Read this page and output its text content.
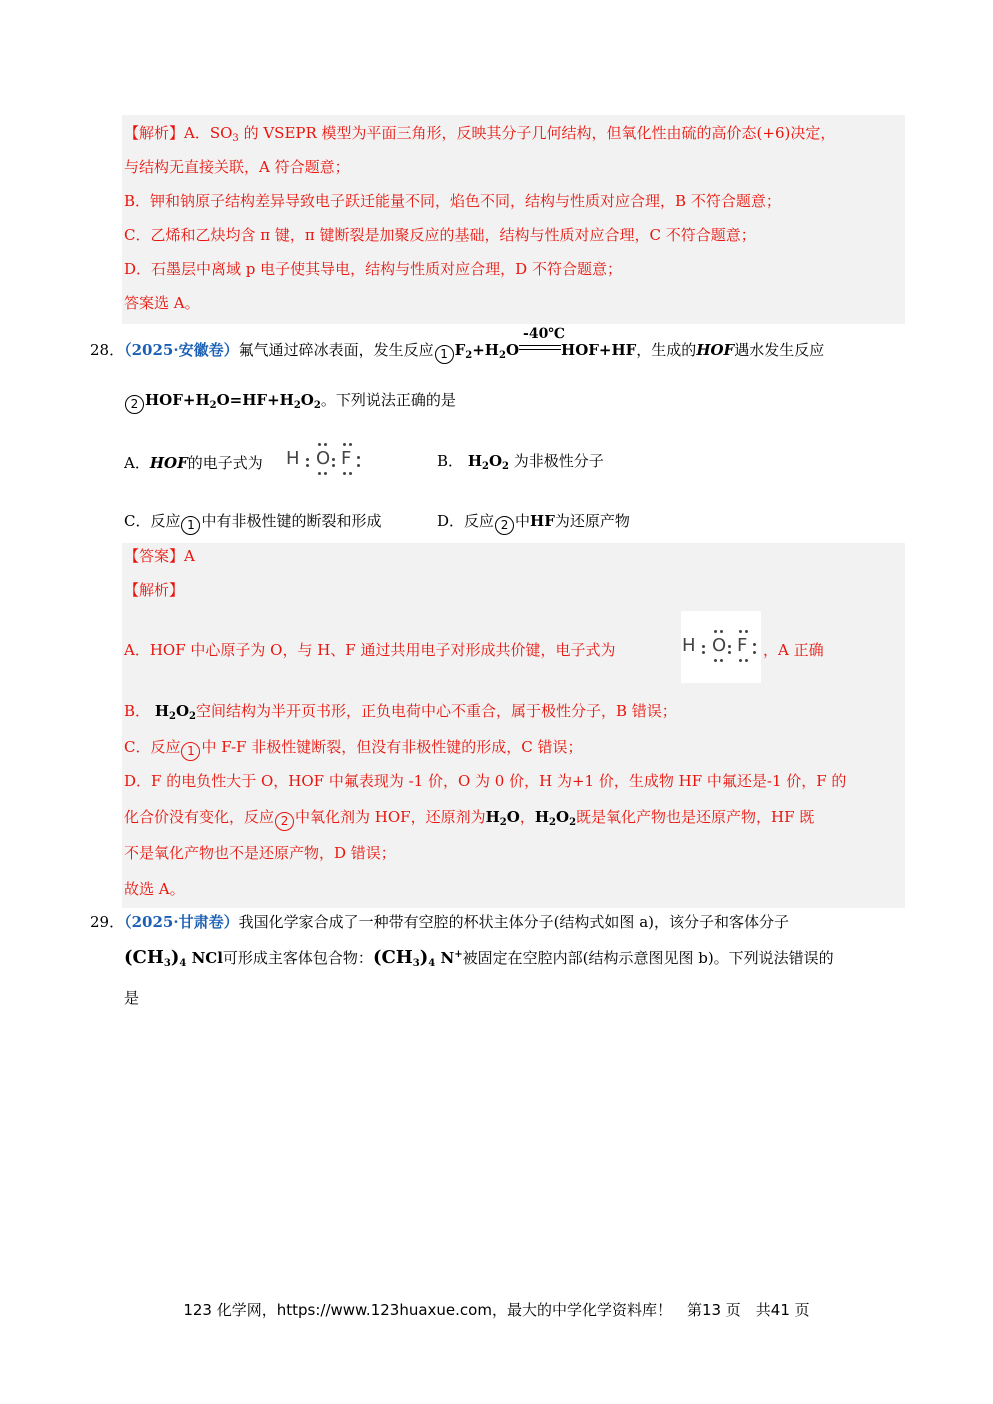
【解析】A．$SO_3$ 的 VSEPR 模型为平面三角形，反映其分子几何结构，但氧化性由硫的高价态(+6)决定，
与结构无直接关联，A 符合题意；
B．钾和钠原子结构差异导致电子跃迁能量不同，焰色不同，结构与性质对应合理，B 不符合题意；
C．乙烯和乙炔均含 π 键，π 键断裂是加聚反应的基础，结构与性质对应合理，C 不符合题意；
D．石墨层中离域 p 电子使其导电，结构与性质对应合理，D 不符合题意；
答案选 A。
28．（2025·安徽卷）氟气通过碎冰表面，发生反应 1 $F_2+H_2O$
-40℃
HOF+HF，生成的HOF遇水发生反应
2 $HOF+H_2O=HF+H_2O_2$。下列说法正确的是
A．HOF的电子式为 H O F	B． $H_2O_2$ 为非极性分子
C．反应 1 中有非极性键的断裂和形成	D．反应 2 中HF为还原产物
【答案】A
【解析】
A．HOF 中心原子为 O，与 H、F 通过共用电子对形成共价键，电子式为	H O F ，A 正确
B． $H_2O_2$空间结构为半开页书形，正负电荷中心不重合，属于极性分子，B 错误；
C．反应 1 中 F-F 非极性键断裂，但没有非极性键的形成，C 错误；
D．F 的电负性大于 O，HOF 中氟表现为 -1 价，O 为 0 价，H 为+1 价，生成物 HF 中氟还是-1 价，F 的
化合价没有变化，反应 2 中氧化剂为 HOF，还原剂为$H_2O$，$H_2O_2$既是氧化产物也是还原产物，HF 既
不是氧化产物也不是还原产物，D 错误；
故选 A。
29．（2025·甘肃卷）我国化学家合成了一种带有空腔的杯状主体分子(结构式如图 a)，该分子和客体分子
$(CH_3)_4$ NCl可形成主客体包合物：$(CH_3)_4$ N+被固定在空腔内部(结构示意图见图 b)。下列说法错误的
是
123 化学网，https://www.123huaxue.com，最大的中学化学资料库！　第13 页　共41 页
